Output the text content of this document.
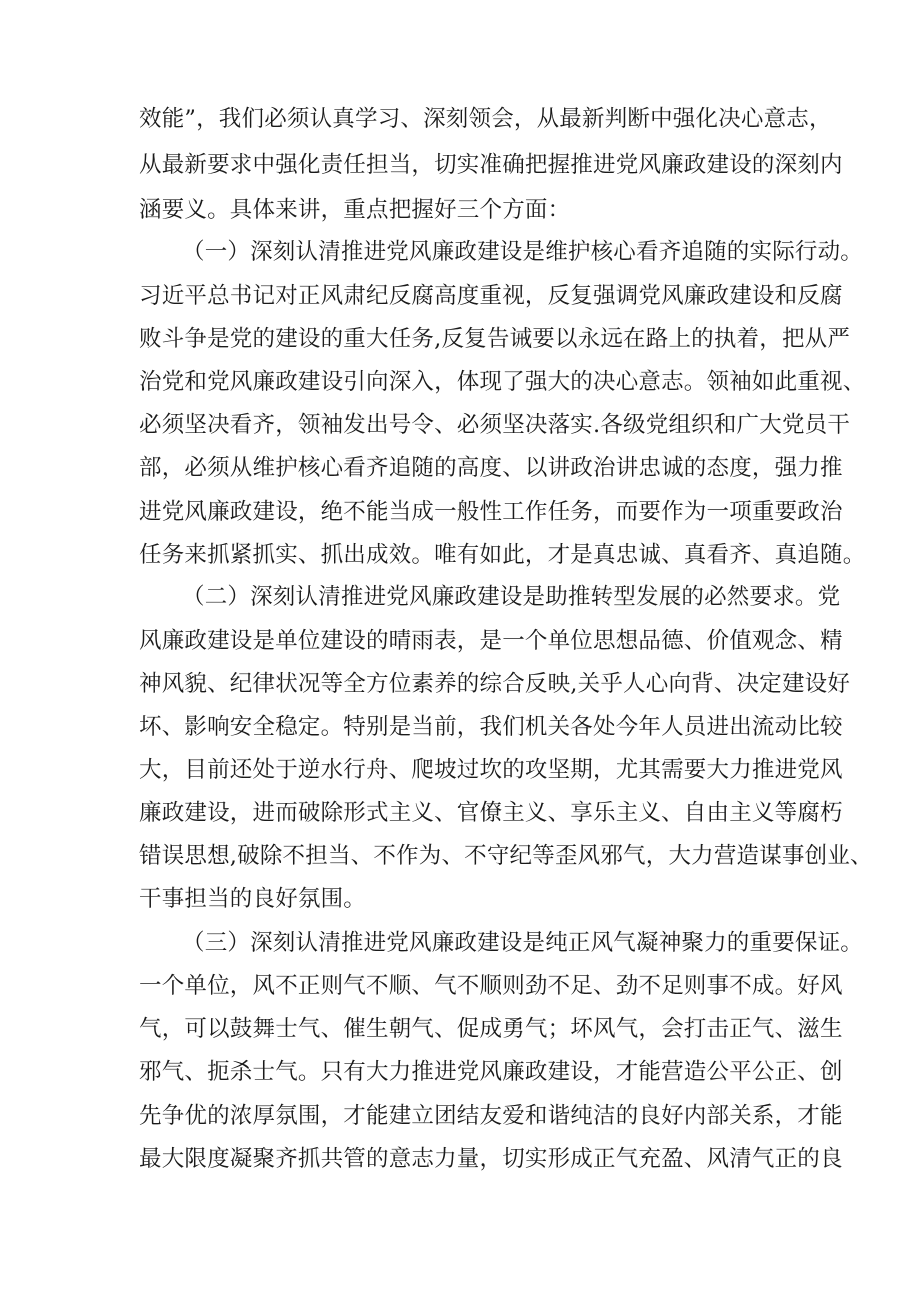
效能”，我们必须认真学习、深刻领会，从最新判断中强化决心意志，
从最新要求中强化责任担当，切实准确把握推进党风廉政建设的深刻内
涵要义。具体来讲，重点把握好三个方面：
（一）深刻认清推进党风廉政建设是维护核心看齐追随的实际行动。
习近平总书记对正风肃纪反腐高度重视，反复强调党风廉政建设和反腐
败斗争是党的建设的重大任务,反复告诫要以永远在路上的执着，把从严
治党和党风廉政建设引向深入，体现了强大的决心意志。领袖如此重视、
必须坚决看齐，领袖发出号令、必须坚决落实.各级党组织和广大党员干
部，必须从维护核心看齐追随的高度、以讲政治讲忠诚的态度，强力推
进党风廉政建设，绝不能当成一般性工作任务，而要作为一项重要政治
任务来抓紧抓实、抓出成效。唯有如此，才是真忠诚、真看齐、真追随。
（二）深刻认清推进党风廉政建设是助推转型发展的必然要求。党
风廉政建设是单位建设的晴雨表，是一个单位思想品德、价值观念、精
神风貌、纪律状况等全方位素养的综合反映,关乎人心向背、决定建设好
坏、影响安全稳定。特别是当前，我们机关各处今年人员进出流动比较
大，目前还处于逆水行舟、爬坡过坎的攻坚期，尤其需要大力推进党风
廉政建设，进而破除形式主义、官僚主义、享乐主义、自由主义等腐朽
错误思想,破除不担当、不作为、不守纪等歪风邪气，大力营造谋事创业、
干事担当的良好氛围。
（三）深刻认清推进党风廉政建设是纯正风气凝神聚力的重要保证。
一个单位，风不正则气不顺、气不顺则劲不足、劲不足则事不成。好风
气，可以鼓舞士气、催生朝气、促成勇气；坏风气，会打击正气、滋生
邪气、扼杀士气。只有大力推进党风廉政建设，才能营造公平公正、创
先争优的浓厚氛围，才能建立团结友爱和谐纯洁的良好内部关系，才能
最大限度凝聚齐抓共管的意志力量，切实形成正气充盈、风清气正的良
